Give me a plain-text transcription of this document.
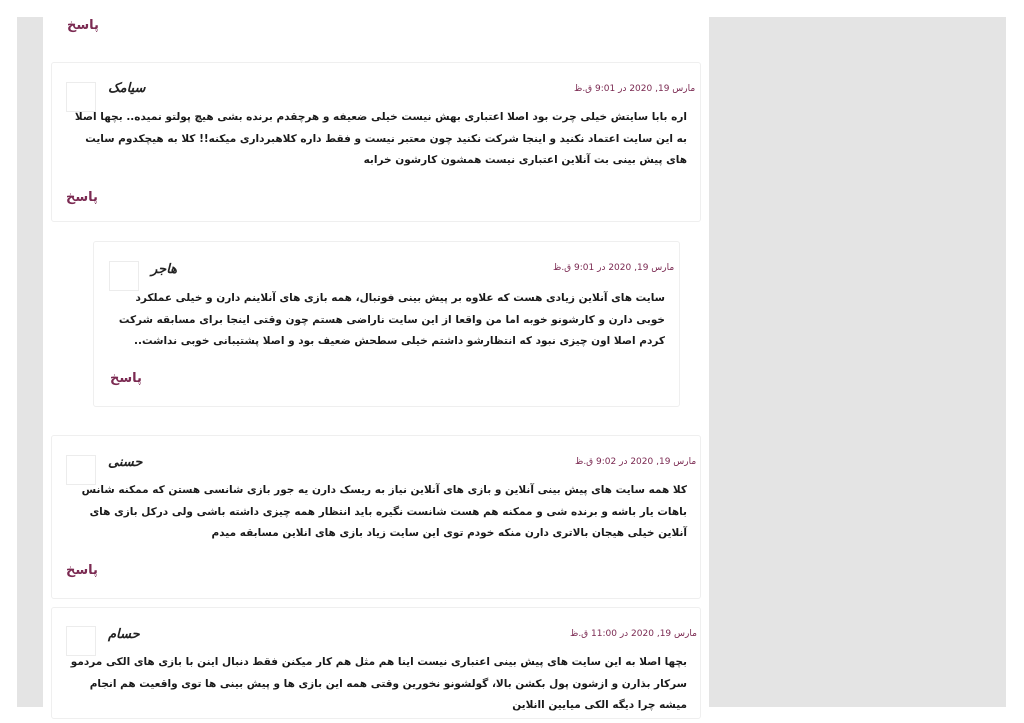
پاسخ
سیامک	مارس 19, 2020 در 9:01 ق.ظ
اره بابا سایتش خیلی چرت بود اصلا اعتباری بهش نیست خیلی ضعیفه و هرچقدم برنده بشی هیچ پولتو نمیده.. بچها اصلا به این سایت اعتماد نکنید و اینجا شرکت نکنید چون معتبر نیست و فقط داره کلاهبرداری میکنه!! کلا به هیچکدوم سایت های پیش بینی بت آنلاین اعتباری نیست همشون کارشون خرابه
پاسخ
هاجر	مارس 19, 2020 در 9:01 ق.ظ
سایت های آنلاین زیادی هست که علاوه بر پیش بینی فوتبال، همه بازی های آنلاینم دارن و خیلی عملکرد خوبی دارن و کارشونو خوبه اما من واقعا از این سایت ناراضی هستم چون وقتی اینجا برای مسابقه شرکت کردم اصلا اون چیزی نبود که انتظارشو داشتم خیلی سطحش ضعیف بود و اصلا پشتیبانی خوبی نداشت..
پاسخ
حسنی	مارس 19, 2020 در 9:02 ق.ظ
کلا همه سایت های پیش بینی آنلاین و بازی های آنلاین نیاز به ریسک دارن یه جور بازی شانسی هستن که ممکنه شانس باهات یار باشه و برنده شی و ممکنه هم هست شانست نگیره باید انتظار همه چیزی داشته باشی ولی درکل بازی های آنلاین خیلی هیجان بالاتری دارن منکه خودم توی این سایت زیاد بازی های انلاین مسابقه میدم
پاسخ
حسام	مارس 19, 2020 در 11:00 ق.ظ
بچها اصلا به این سایت های پیش بینی اعتباری نیست اینا هم مثل هم کار میکنن فقط دنبال اینن با بازی های الکی مردمو سرکار بذارن و ازشون پول بکشن بالا، گولشونو نخورین وقتی همه این بازی ها و پیش بینی ها توی واقعیت هم انجام میشه چرا دیگه الکی میایین اانلاین
